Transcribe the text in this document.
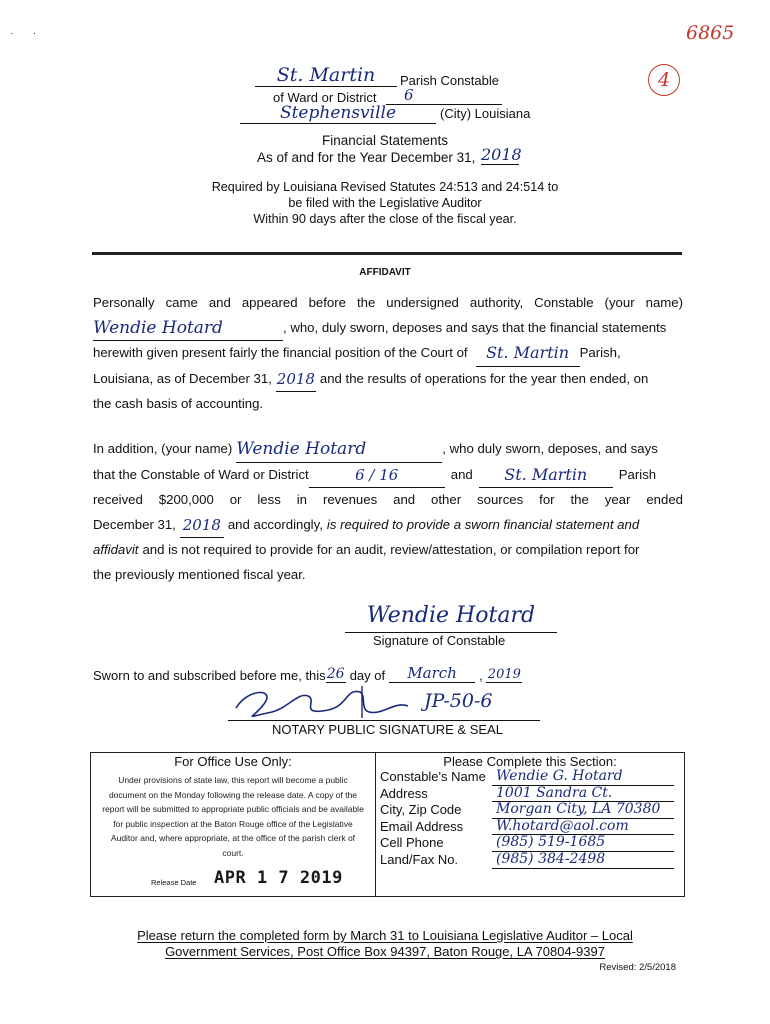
·       ·	6865
4
St. Martin	Parish Constable
of Ward or District	6
Stephensville	(City) Louisiana
Financial Statements
As of and for the Year December 31, 2018
Required by Louisiana Revised Statutes 24:513 and 24:514 to
be filed with the Legislative Auditor
Within 90 days after the close of the fiscal year.
AFFIDAVIT
Personally came and appeared before the undersigned authority, Constable (your name)
Wendie Hotard	, who, duly sworn, deposes and says that the financial statements
herewith given present fairly the financial position of the Court of	St. Martin Parish,
Louisiana, as of December 31, 2018 and the results of operations for the year then ended, on
the cash basis of accounting.
In addition, (your name) Wendie Hotard	, who duly sworn, deposes, and says
that the Constable of Ward or District	6 / 16	and	St. Martin	Parish
received $200,000 or less in revenues and other sources for the year ended
December 31, 2018 and accordingly, is required to provide a sworn financial statement and
affidavit and is not required to provide for an audit, review/attestation, or compilation report for
the previously mentioned fiscal year.
Wendie Hotard
Signature of Constable
Sworn to and subscribed before me, this 26 day of	March	, 2019
JP-50-6
NOTARY PUBLIC SIGNATURE & SEAL
For Office Use Only:
Under provisions of state law, this report will become a public document on the Monday following the release date. A copy of the report will be submitted to appropriate public officials and be available for public inspection at the Baton Rouge office of the Legislative Auditor and, where appropriate, at the office of the parish clerk of court.
Release Date APR 1 7 2019
Please Complete this Section:
Constable's Name Wendie G. Hotard
Address	1001 Sandra Ct.
City, Zip Code	Morgan City, LA 70380
Email Address	W.hotard@aol.com
Cell Phone	(985) 519-1685
Land/Fax No.	(985) 384-2498
Please return the completed form by March 31 to Louisiana Legislative Auditor – Local
Government Services, Post Office Box 94397, Baton Rouge, LA 70804-9397
Revised: 2/5/2018
